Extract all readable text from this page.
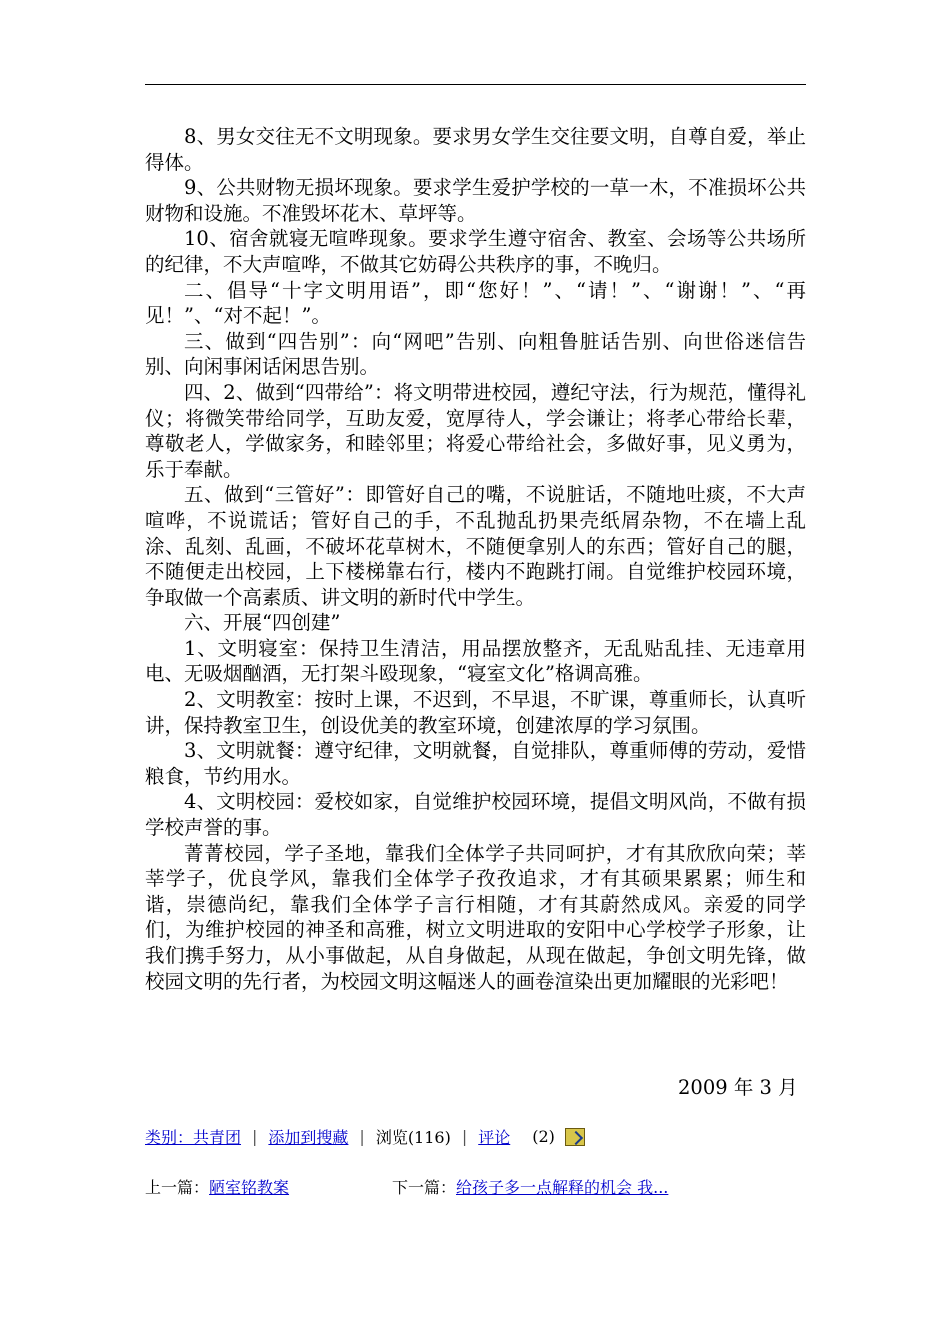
8、男女交往无不文明现象。要求男女学生交往要文明，自尊自爱，举止得体。

9、公共财物无损坏现象。要求学生爱护学校的一草一木，不准损坏公共财物和设施。不准毁坏花木、草坪等。

10、宿舍就寝无喧哗现象。要求学生遵守宿舍、教室、会场等公共场所的纪律，不大声喧哗，不做其它妨碍公共秩序的事，不晚归。

二、倡导“十字文明用语”，即“您好！”、“请！”、“谢谢！”、“再见！”、“对不起！”。

三、做到“四告别”：向“网吧”告别、向粗鲁脏话告别、向世俗迷信告别、向闲事闲话闲思告别。

四、2、做到“四带给”：将文明带进校园，遵纪守法，行为规范，懂得礼仪；将微笑带给同学，互助友爱，宽厚待人，学会谦让；将孝心带给长辈，尊敬老人，学做家务，和睦邻里；将爱心带给社会，多做好事，见义勇为，乐于奉献。

五、做到“三管好”：即管好自己的嘴，不说脏话，不随地吐痰，不大声喧哗，不说谎话；管好自己的手，不乱抛乱扔果壳纸屑杂物，不在墙上乱涂、乱刻、乱画，不破坏花草树木，不随便拿别人的东西；管好自己的腿，不随便走出校园，上下楼梯靠右行，楼内不跑跳打闹。自觉维护校园环境，争取做一个高素质、讲文明的新时代中学生。

六、开展“四创建”

1、文明寝室：保持卫生清洁，用品摆放整齐，无乱贴乱挂、无违章用电、无吸烟酗酒，无打架斗殴现象，“寝室文化”格调高雅。

2、文明教室：按时上课，不迟到，不早退，不旷课，尊重师长，认真听讲，保持教室卫生，创设优美的教室环境，创建浓厚的学习氛围。

3、文明就餐：遵守纪律，文明就餐，自觉排队，尊重师傅的劳动，爱惜粮食，节约用水。

4、文明校园：爱校如家，自觉维护校园环境，提倡文明风尚，不做有损学校声誉的事。

菁菁校园，学子圣地，靠我们全体学子共同呵护，才有其欣欣向荣；莘莘学子，优良学风，靠我们全体学子孜孜追求，才有其硕果累累；师生和谐，崇德尚纪，靠我们全体学子言行相随，才有其蔚然成风。亲爱的同学们，为维护校园的神圣和高雅，树立文明进取的安阳中心学校学子形象，让我们携手努力，从小事做起，从自身做起，从现在做起，争创文明先锋，做校园文明的先行者，为校园文明这幅迷人的画卷渲染出更加耀眼的光彩吧！

2009 年 3 月
类别：共青团 | 添加到搜藏 | 浏览(116) | 评论 (2)
上一篇：陋室铭教案	下一篇：给孩子多一点解释的机会 我...
